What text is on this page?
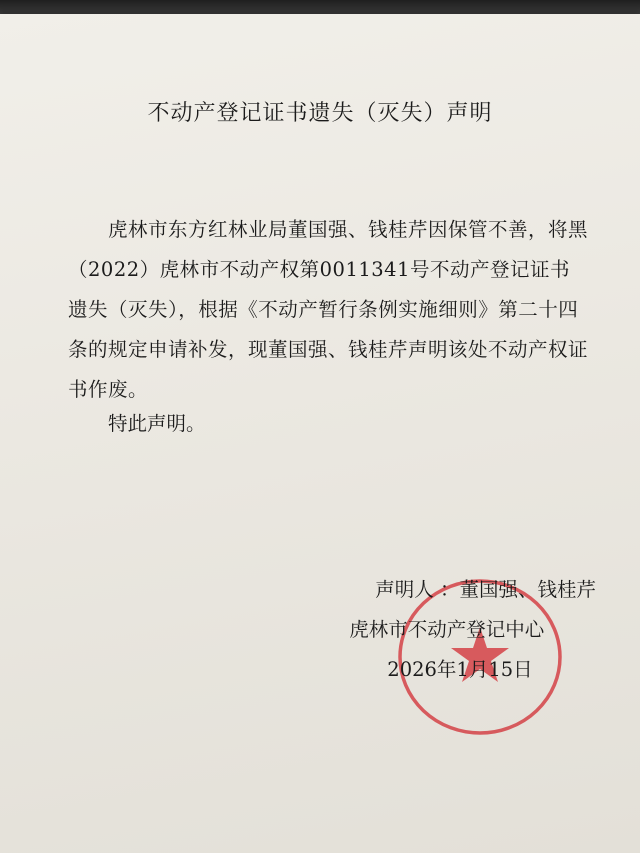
不动产登记证书遗失（灭失）声明

虎林市东方红林业局董国强、钱桂芹因保管不善，将黑（2022）虎林市不动产权第0011341号不动产登记证书遗失（灭失），根据《不动产暂行条例实施细则》第二十四条的规定申请补发，现董国强、钱桂芹声明该处不动产权证书作废。

特此声明。
声明人 ：董国强、钱桂芹
虎林市不动产登记中心
2026年1月15日
